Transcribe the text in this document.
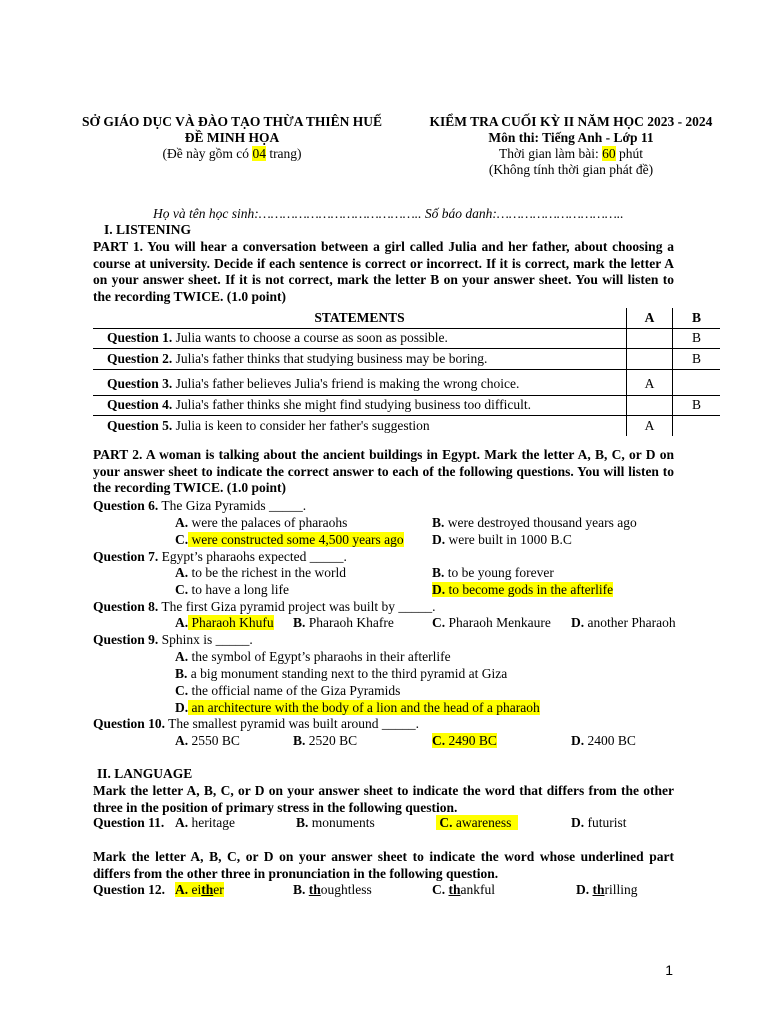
SỞ GIÁO DỤC VÀ ĐÀO TẠO THỪA THIÊN HUẾ
ĐỀ MINH HỌA
(Đề này gồm có 04 trang)
KIỂM TRA CUỐI KỲ II NĂM HỌC 2023 - 2024
Môn thi: Tiếng Anh - Lớp 11
Thời gian làm bài: 60 phút
(Không tính thời gian phát đề)
Họ và tên học sinh:………………………………….. Số báo danh:…………………………..
I. LISTENING
PART 1. You will hear a conversation between a girl called Julia and her father, about choosing a course at university. Decide if each sentence is correct or incorrect. If it is correct, mark the letter A on your answer sheet. If it is not correct, mark the letter B on your answer sheet. You will listen to the recording TWICE. (1.0 point)
STATEMENTS	A	B
Question 1. Julia wants to choose a course as soon as possible.		B
Question 2. Julia's father thinks that studying business may be boring.		B
Question 3. Julia's father believes Julia's friend is making the wrong choice.	A	
Question 4. Julia's father thinks she might find studying business too difficult.		B
Question 5. Julia is keen to consider her father's suggestion	A	
PART 2. A woman is talking about the ancient buildings in Egypt. Mark the letter A, B, C, or D on your answer sheet to indicate the correct answer to each of the following questions. You will listen to the recording TWICE. (1.0 point)
Question 6. The Giza Pyramids _____.
A. were the palaces of pharaohs	B. were destroyed thousand years ago
C. were constructed some 4,500 years ago D. were built in 1000 B.C
Question 7. Egypt’s pharaohs expected _____.
A. to be the richest in the world	B. to be young forever
C. to have a long life	D. to become gods in the afterlife
Question 8. The first Giza pyramid project was built by _____.
A. Pharaoh Khufu B. Pharaoh Khafre	C. Pharaoh Menkaure D. another Pharaoh
Question 9. Sphinx is _____.
A. the symbol of Egypt’s pharaohs in their afterlife
B. a big monument standing next to the third pyramid at Giza
C. the official name of the Giza Pyramids
D. an architecture with the body of a lion and the head of a pharaoh
Question 10. The smallest pyramid was built around _____.
A. 2550 BC	B. 2520 BC	C. 2490 BC	D. 2400 BC
II. LANGUAGE
Mark the letter A, B, C, or D on your answer sheet to indicate the word that differs from the other three in the position of primary stress in the following question.
Question 11. A. heritage	B. monuments	C. awareness	D. futurist
Mark the letter A, B, C, or D on your answer sheet to indicate the word whose underlined part differs from the other three in pronunciation in the following question.
Question 12. A. either	B. thoughtless	C. thankful	D. thrilling
1
